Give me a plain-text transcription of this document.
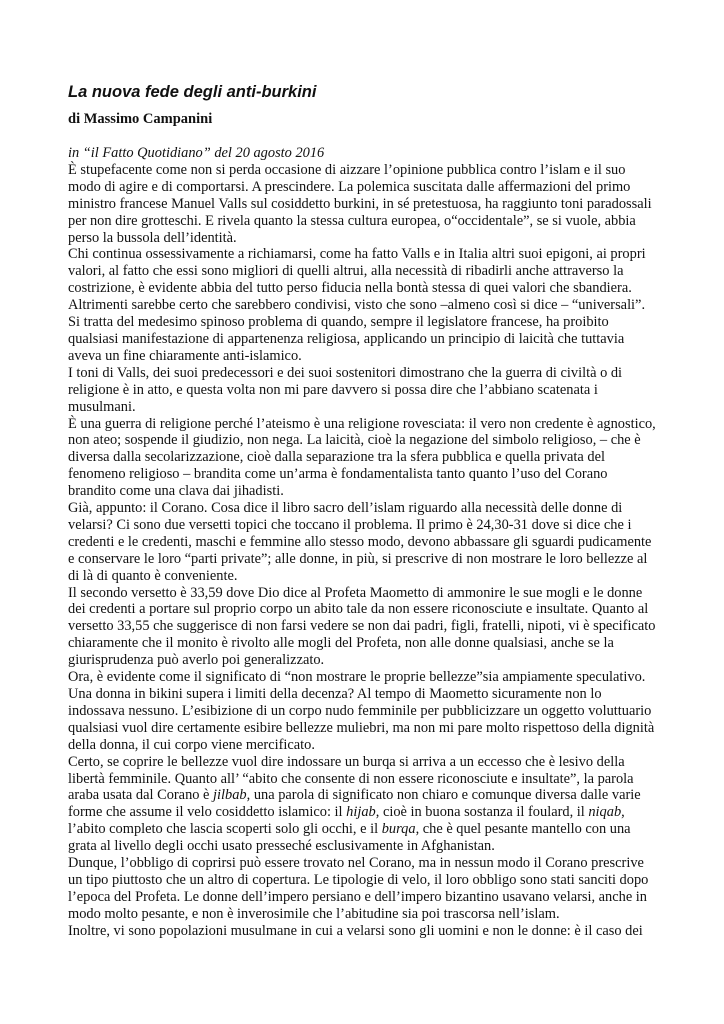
La nuova fede degli anti-burkini
di Massimo Campanini
in “il Fatto Quotidiano” del 20 agosto 2016

È stupefacente come non si perda occasione di aizzare l’opinione pubblica contro l’islam e il suo modo di agire e di comportarsi. A prescindere. La polemica suscitata dalle affermazioni del primo ministro francese Manuel Valls sul cosiddetto burkini, in sé pretestuosa, ha raggiunto toni paradossali per non dire grotteschi. E rivela quanto la stessa cultura europea, o“occidentale”, se si vuole, abbia perso la bussola dell’identità.

Chi continua ossessivamente a richiamarsi, come ha fatto Valls e in Italia altri suoi epigoni, ai propri valori, al fatto che essi sono migliori di quelli altrui, alla necessità di ribadirli anche attraverso la costrizione, è evidente abbia del tutto perso fiducia nella bontà stessa di quei valori che sbandiera. Altrimenti sarebbe certo che sarebbero condivisi, visto che sono –almeno così si dice – “universali”. Si tratta del medesimo spinoso problema di quando, sempre il legislatore francese, ha proibito qualsiasi manifestazione di appartenenza religiosa, applicando un principio di laicità che tuttavia aveva un fine chiaramente anti-islamico.

I toni di Valls, dei suoi predecessori e dei suoi sostenitori dimostrano che la guerra di civiltà o di religione è in atto, e questa volta non mi pare davvero si possa dire che l’abbiano scatenata i musulmani.

È una guerra di religione perché l’ateismo è una religione rovesciata: il vero non credente è agnostico, non ateo; sospende il giudizio, non nega. La laicità, cioè la negazione del simbolo religioso, – che è diversa dalla secolarizzazione, cioè dalla separazione tra la sfera pubblica e quella privata del fenomeno religioso – brandita come un’arma è fondamentalista tanto quanto l’uso del Corano brandito come una clava dai jihadisti.

Già, appunto: il Corano. Cosa dice il libro sacro dell’islam riguardo alla necessità delle donne di velarsi? Ci sono due versetti topici che toccano il problema. Il primo è 24,30-31 dove si dice che i credenti e le credenti, maschi e femmine allo stesso modo, devono abbassare gli sguardi pudicamente e conservare le loro “parti private”; alle donne, in più, si prescrive di non mostrare le loro bellezze al di là di quanto è conveniente.

Il secondo versetto è 33,59 dove Dio dice al Profeta Maometto di ammonire le sue mogli e le donne dei credenti a portare sul proprio corpo un abito tale da non essere riconosciute e insultate. Quanto al versetto 33,55 che suggerisce di non farsi vedere se non dai padri, figli, fratelli, nipoti, vi è specificato chiaramente che il monito è rivolto alle mogli del Profeta, non alle donne qualsiasi, anche se la giurisprudenza può averlo poi generalizzato.

Ora, è evidente come il significato di “non mostrare le proprie bellezze”sia ampiamente speculativo. Una donna in bikini supera i limiti della decenza? Al tempo di Maometto sicuramente non lo indossava nessuno. L’esibizione di un corpo nudo femminile per pubblicizzare un oggetto voluttuario qualsiasi vuol dire certamente esibire bellezze muliebri, ma non mi pare molto rispettoso della dignità della donna, il cui corpo viene mercificato.

Certo, se coprire le bellezze vuol dire indossare un burqa si arriva a un eccesso che è lesivo della libertà femminile. Quanto all’ “abito che consente di non essere riconosciute e insultate”, la parola araba usata dal Corano è jilbab, una parola di significato non chiaro e comunque diversa dalle varie forme che assume il velo cosiddetto islamico: il hijab, cioè in buona sostanza il foulard, il niqab, l’abito completo che lascia scoperti solo gli occhi, e il burqa, che è quel pesante mantello con una grata al livello degli occhi usato presseché esclusivamente in Afghanistan.

Dunque, l’obbligo di coprirsi può essere trovato nel Corano, ma in nessun modo il Corano prescrive un tipo piuttosto che un altro di copertura. Le tipologie di velo, il loro obbligo sono stati sanciti dopo l’epoca del Profeta. Le donne dell’impero persiano e dell’impero bizantino usavano velarsi, anche in modo molto pesante, e non è inverosimile che l’abitudine sia poi trascorsa nell’islam.

Inoltre, vi sono popolazioni musulmane in cui a velarsi sono gli uomini e non le donne: è il caso dei
